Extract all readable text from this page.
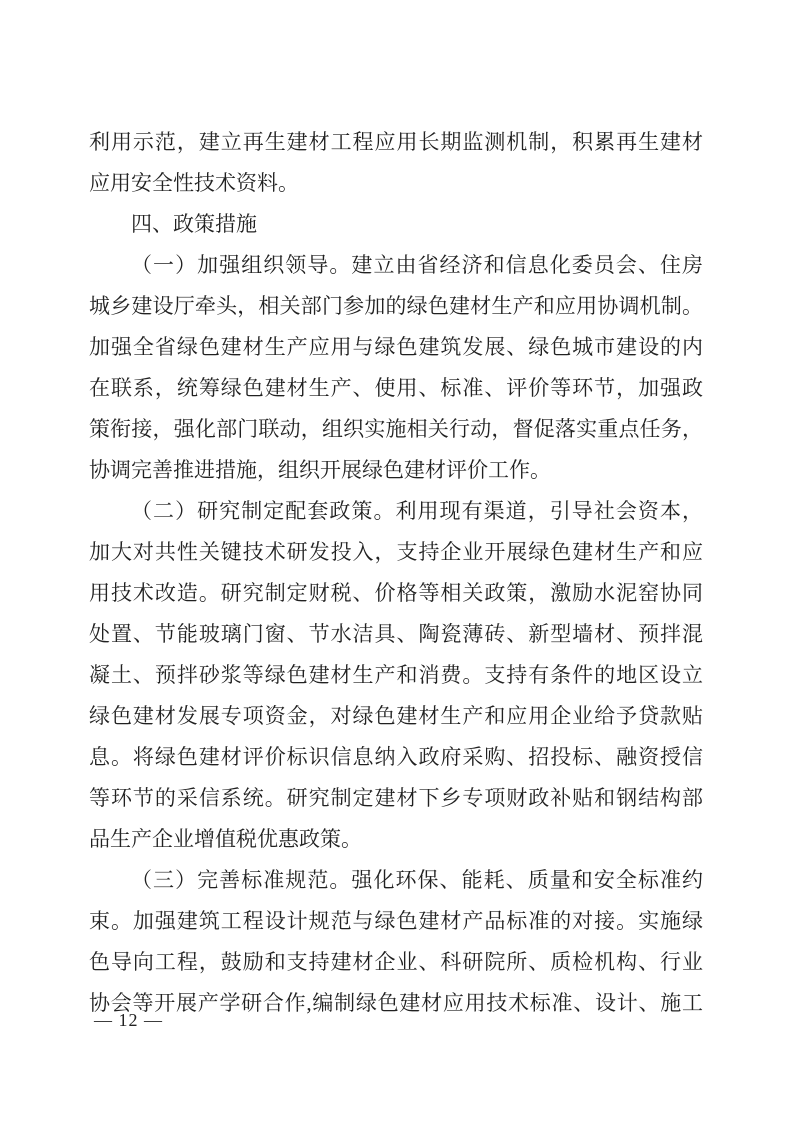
利用示范，建立再生建材工程应用长期监测机制，积累再生建材
应用安全性技术资料。
四、政策措施
（一）加强组织领导。建立由省经济和信息化委员会、住房
城乡建设厅牵头，相关部门参加的绿色建材生产和应用协调机制。
加强全省绿色建材生产应用与绿色建筑发展、绿色城市建设的内
在联系，统筹绿色建材生产、使用、标准、评价等环节，加强政
策衔接，强化部门联动，组织实施相关行动，督促落实重点任务，
协调完善推进措施，组织开展绿色建材评价工作。
（二）研究制定配套政策。利用现有渠道，引导社会资本，
加大对共性关键技术研发投入，支持企业开展绿色建材生产和应
用技术改造。研究制定财税、价格等相关政策，激励水泥窑协同
处置、节能玻璃门窗、节水洁具、陶瓷薄砖、新型墙材、预拌混
凝土、预拌砂浆等绿色建材生产和消费。支持有条件的地区设立
绿色建材发展专项资金，对绿色建材生产和应用企业给予贷款贴
息。将绿色建材评价标识信息纳入政府采购、招投标、融资授信
等环节的采信系统。研究制定建材下乡专项财政补贴和钢结构部
品生产企业增值税优惠政策。
（三）完善标准规范。强化环保、能耗、质量和安全标准约
束。加强建筑工程设计规范与绿色建材产品标准的对接。实施绿
色导向工程，鼓励和支持建材企业、科研院所、质检机构、行业
协会等开展产学研合作,编制绿色建材应用技术标准、设计、施工
— 12 —
